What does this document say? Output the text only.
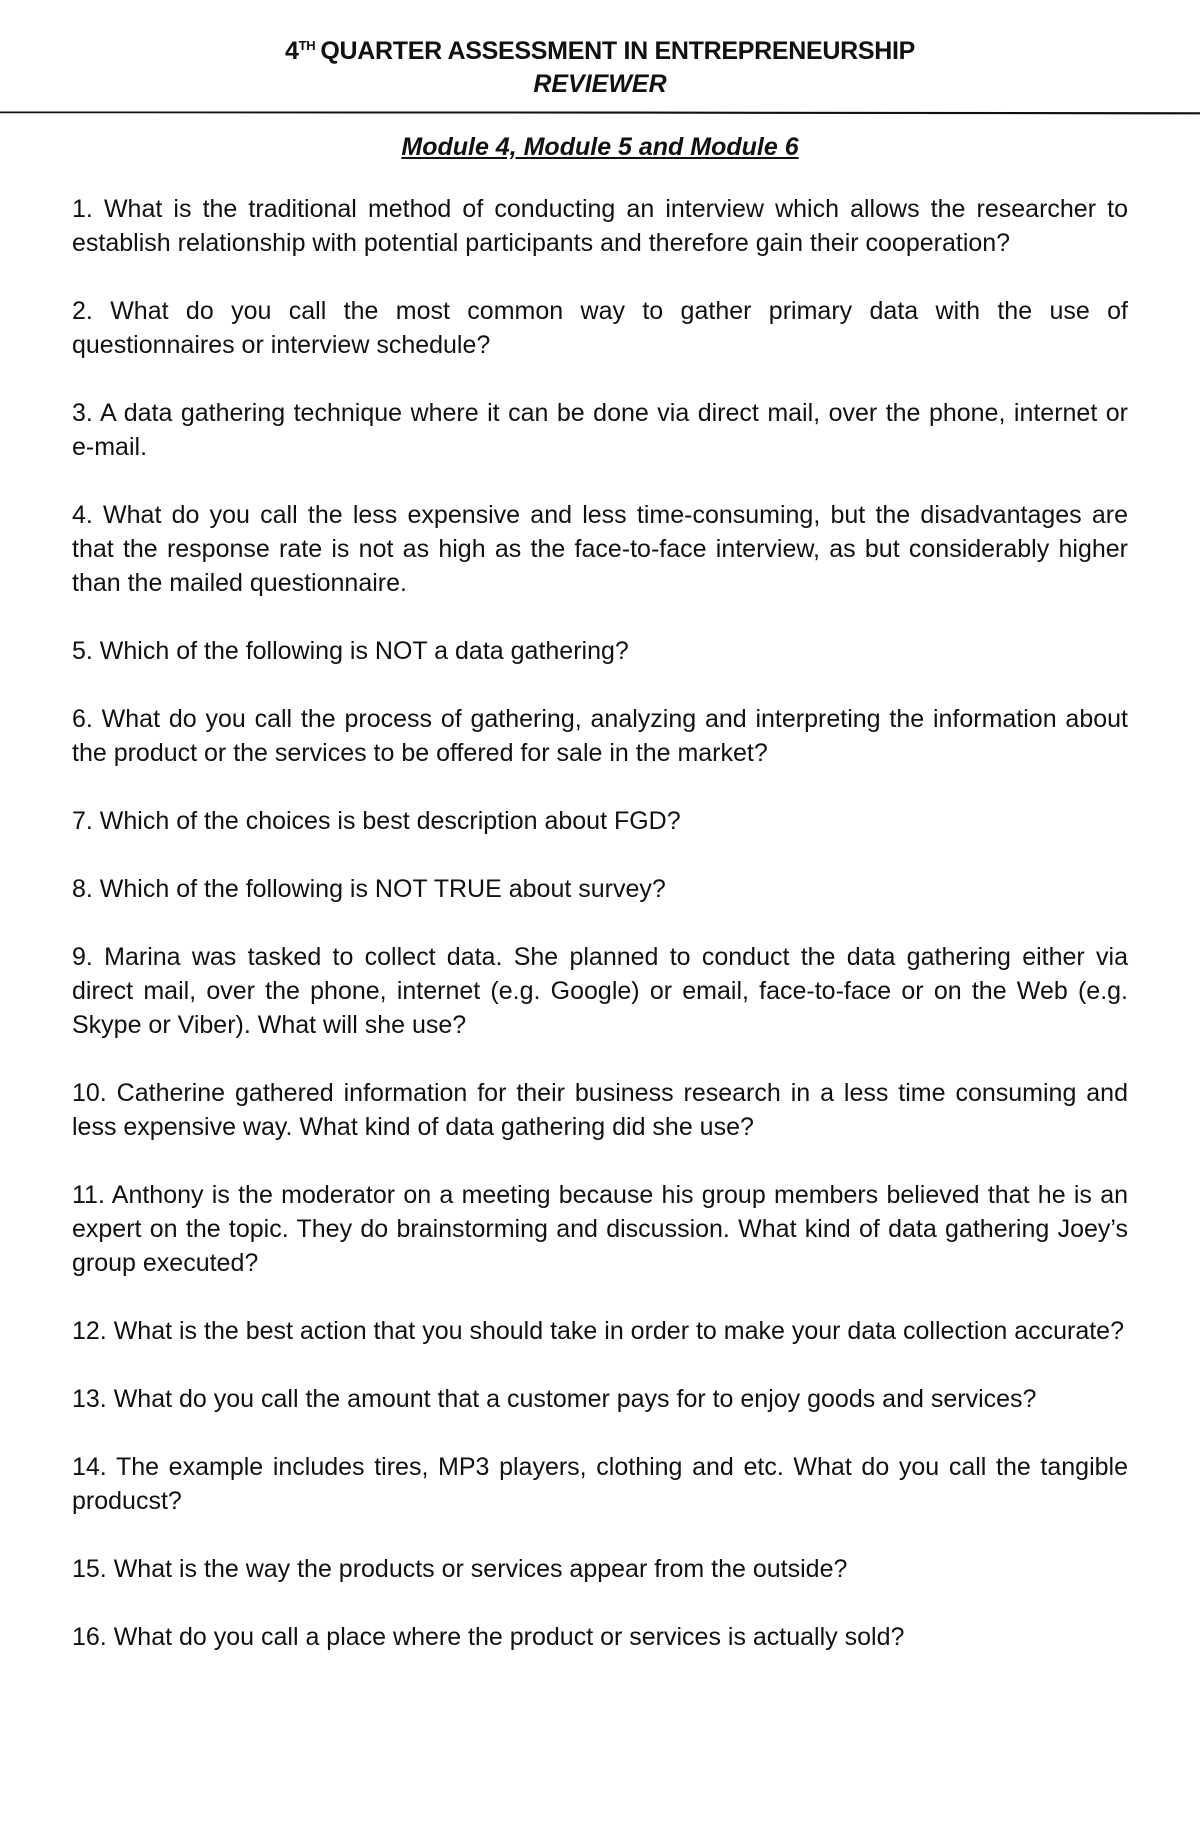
4TH QUARTER ASSESSMENT IN ENTREPRENEURSHIP
REVIEWER
Module 4, Module 5 and Module 6

1. What is the traditional method of conducting an interview which allows the researcher to establish relationship with potential participants and therefore gain their cooperation?

2. What do you call the most common way to gather primary data with the use of questionnaires or interview schedule?

3. A data gathering technique where it can be done via direct mail, over the phone, internet or e-mail.

4. What do you call the less expensive and less time-consuming, but the disadvantages are that the response rate is not as high as the face-to-face interview, as but considerably higher than the mailed questionnaire.

5. Which of the following is NOT a data gathering?

6. What do you call the process of gathering, analyzing and interpreting the information about the product or the services to be offered for sale in the market?

7. Which of the choices is best description about FGD?

8. Which of the following is NOT TRUE about survey?

9. Marina was tasked to collect data. She planned to conduct the data gathering either via direct mail, over the phone, internet (e.g. Google) or email, face-to-face or on the Web (e.g. Skype or Viber). What will she use?

10. Catherine gathered information for their business research in a less time consuming and less expensive way. What kind of data gathering did she use?

11. Anthony is the moderator on a meeting because his group members believed that he is an expert on the topic. They do brainstorming and discussion. What kind of data gathering Joey’s group executed?

12. What is the best action that you should take in order to make your data collection accurate?

13. What do you call the amount that a customer pays for to enjoy goods and services?

14. The example includes tires, MP3 players, clothing and etc. What do you call the tangible producst?

15. What is the way the products or services appear from the outside?

16. What do you call a place where the product or services is actually sold?
